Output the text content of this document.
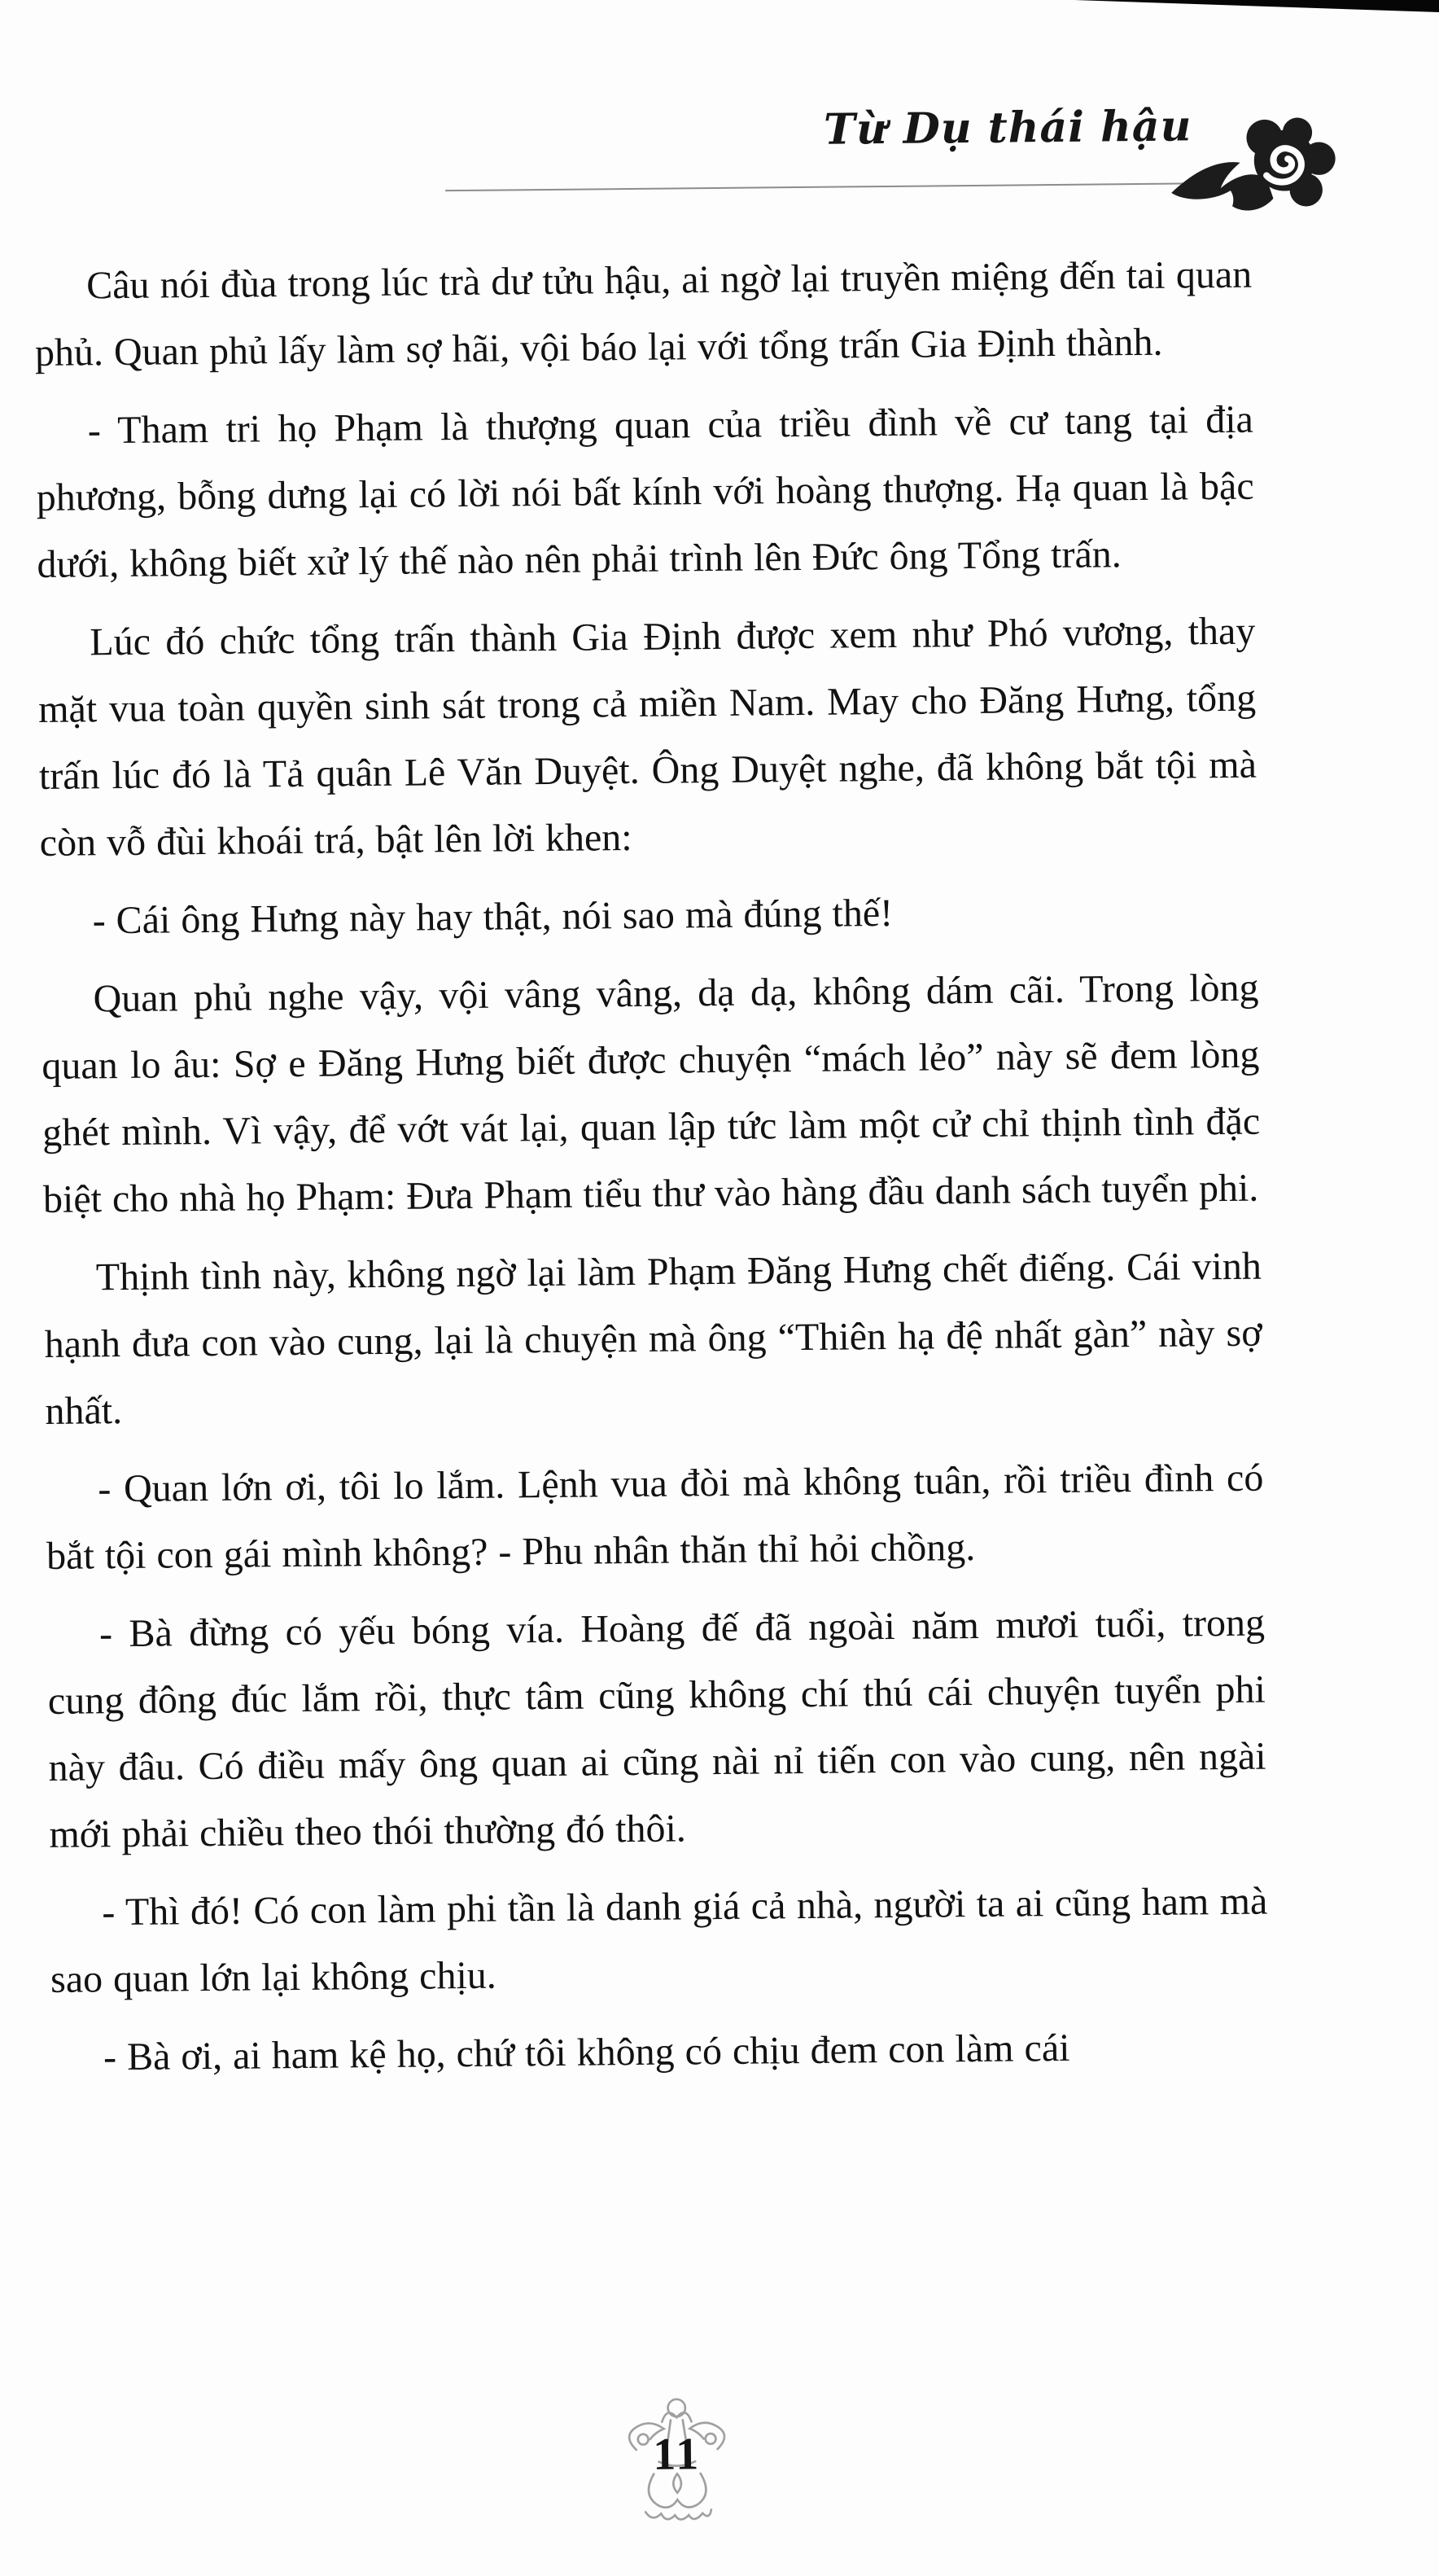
Từ Dụ thái hậu

Câu nói đùa trong lúc trà dư tửu hậu, ai ngờ lại truyền miệng đến tai quan phủ. Quan phủ lấy làm sợ hãi, vội báo lại với tổng trấn Gia Định thành.

- Tham tri họ Phạm là thượng quan của triều đình về cư tang tại địa phương, bỗng dưng lại có lời nói bất kính với hoàng thượng. Hạ quan là bậc dưới, không biết xử lý thế nào nên phải trình lên Đức ông Tổng trấn.

Lúc đó chức tổng trấn thành Gia Định được xem như Phó vương, thay mặt vua toàn quyền sinh sát trong cả miền Nam. May cho Đăng Hưng, tổng trấn lúc đó là Tả quân Lê Văn Duyệt. Ông Duyệt nghe, đã không bắt tội mà còn vỗ đùi khoái trá, bật lên lời khen:

- Cái ông Hưng này hay thật, nói sao mà đúng thế!

Quan phủ nghe vậy, vội vâng vâng, dạ dạ, không dám cãi. Trong lòng quan lo âu: Sợ e Đăng Hưng biết được chuyện “mách lẻo” này sẽ đem lòng ghét mình. Vì vậy, để vớt vát lại, quan lập tức làm một cử chỉ thịnh tình đặc biệt cho nhà họ Phạm: Đưa Phạm tiểu thư vào hàng đầu danh sách tuyển phi.

Thịnh tình này, không ngờ lại làm Phạm Đăng Hưng chết điếng. Cái vinh hạnh đưa con vào cung, lại là chuyện mà ông “Thiên hạ đệ nhất gàn” này sợ nhất.

- Quan lớn ơi, tôi lo lắm. Lệnh vua đòi mà không tuân, rồi triều đình có bắt tội con gái mình không? - Phu nhân thăn thỉ hỏi chồng.

- Bà đừng có yếu bóng vía. Hoàng đế đã ngoài năm mươi tuổi, trong cung đông đúc lắm rồi, thực tâm cũng không chí thú cái chuyện tuyển phi này đâu. Có điều mấy ông quan ai cũng nài nỉ tiến con vào cung, nên ngài mới phải chiều theo thói thường đó thôi.

- Thì đó! Có con làm phi tần là danh giá cả nhà, người ta ai cũng ham mà sao quan lớn lại không chịu.

- Bà ơi, ai ham kệ họ, chứ tôi không có chịu đem con làm cái

11
